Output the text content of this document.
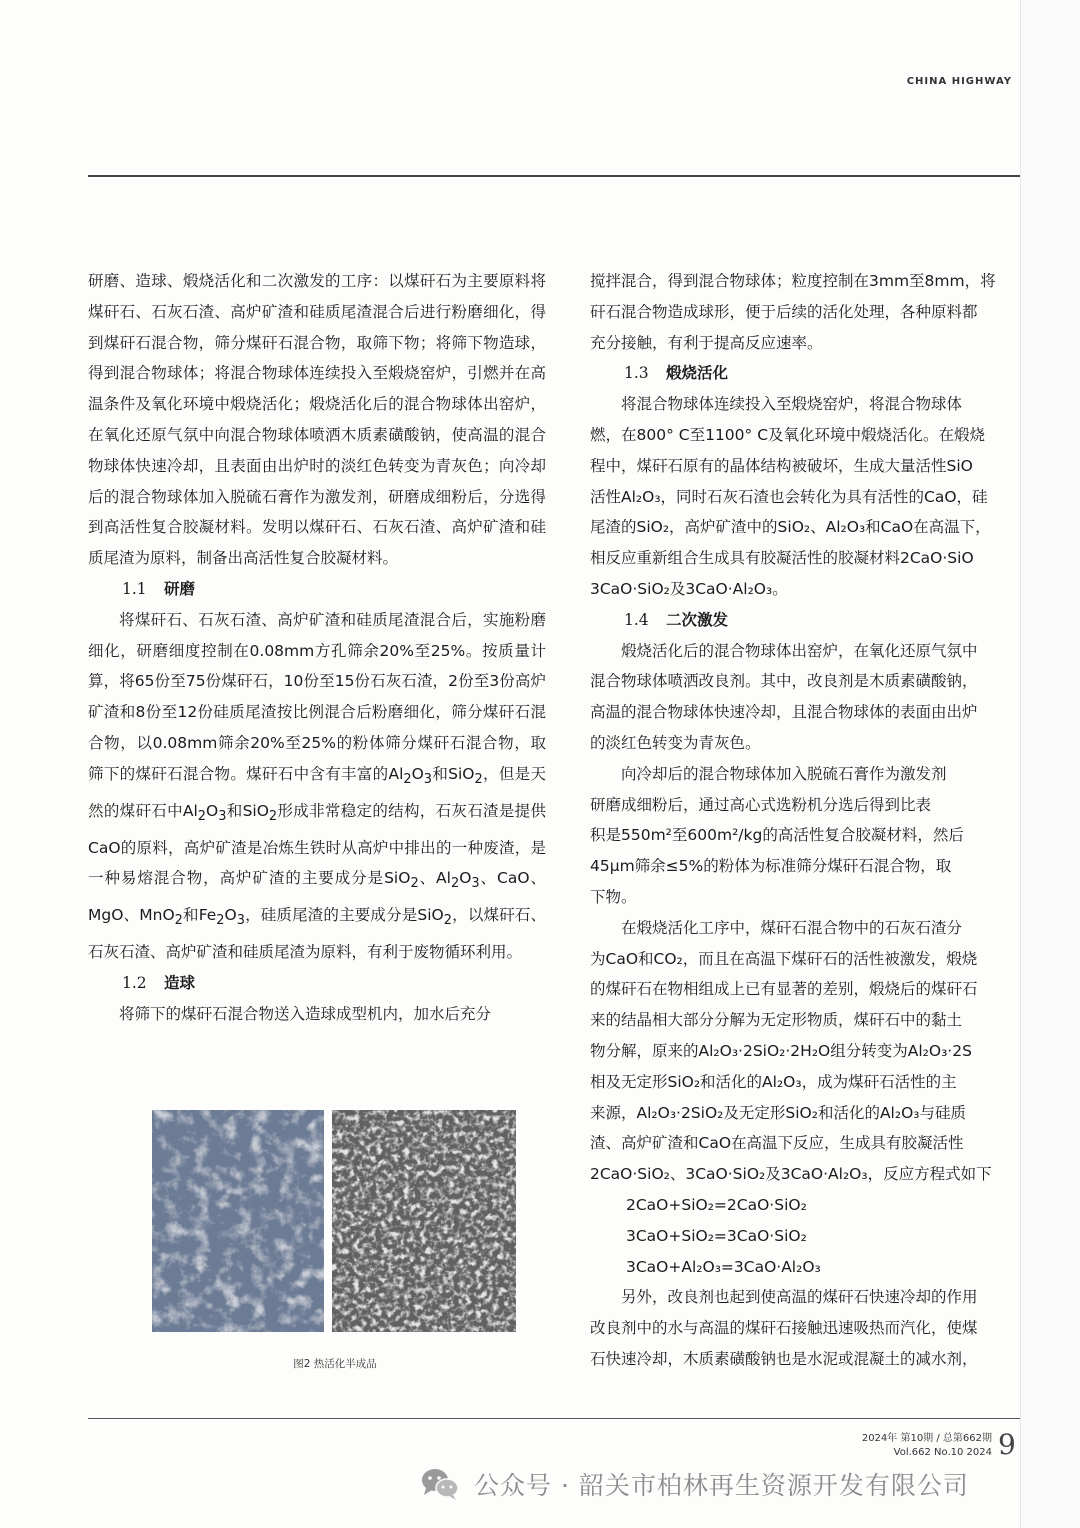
CHINA HIGHWAY

研磨、造球、煅烧活化和二次激发的工序：以煤矸石为主要原料将煤矸石、石灰石渣、高炉矿渣和硅质尾渣混合后进行粉磨细化，得到煤矸石混合物，筛分煤矸石混合物，取筛下物；将筛下物造球，得到混合物球体；将混合物球体连续投入至煅烧窑炉，引燃并在高温条件及氧化环境中煅烧活化；煅烧活化后的混合物球体出窑炉，在氧化还原气氛中向混合物球体喷洒木质素磺酸钠，使高温的混合物球体快速冷却，且表面由出炉时的淡红色转变为青灰色；向冷却后的混合物球体加入脱硫石膏作为激发剂，研磨成细粉后，分选得到高活性复合胶凝材料。发明以煤矸石、石灰石渣、高炉矿渣和硅质尾渣为原料，制备出高活性复合胶凝材料。

1.1 研磨

将煤矸石、石灰石渣、高炉矿渣和硅质尾渣混合后，实施粉磨细化，研磨细度控制在0.08mm方孔筛余20%至25%。按质量计算，将65份至75份煤矸石，10份至15份石灰石渣，2份至3份高炉矿渣和8份至12份硅质尾渣按比例混合后粉磨细化，筛分煤矸石混合物，以0.08mm筛余20%至25%的粉体筛分煤矸石混合物，取筛下的煤矸石混合物。煤矸石中含有丰富的$Al_2O_3$和SiO$_2$，但是天然的煤矸石中$Al_2O_3$和SiO$_2$形成非常稳定的结构，石灰石渣是提供CaO的原料，高炉矿渣是冶炼生铁时从高炉中排出的一种废渣，是一种易熔混合物，高炉矿渣的主要成分是SiO$_2$、$Al_2O_3$、CaO、MgO、MnO$_2$和$Fe_2O_3$，硅质尾渣的主要成分是SiO$_2$，以煤矸石、石灰石渣、高炉矿渣和硅质尾渣为原料，有利于废物循环利用。

1.2 造球

将筛下的煤矸石混合物送入造球成型机内，加水后充分

图2 热活化半成品

搅拌混合，得到混合物球体；粒度控制在3mm至8mm，将

矸石混合物造成球形，便于后续的活化处理，各种原料都

充分接触，有利于提高反应速率。

1.3 煅烧活化

将混合物球体连续投入至煅烧窑炉，将混合物球体

燃，在800° C至1100° C及氧化环境中煅烧活化。在煅烧

程中，煤矸石原有的晶体结构被破坏，生成大量活性SiO

活性Al₂O₃，同时石灰石渣也会转化为具有活性的CaO，硅

尾渣的SiO₂，高炉矿渣中的SiO₂、Al₂O₃和CaO在高温下，

相反应重新组合生成具有胶凝活性的胶凝材料2CaO·SiO

3CaO·SiO₂及3CaO·Al₂O₃。

1.4 二次激发

煅烧活化后的混合物球体出窑炉，在氧化还原气氛中

混合物球体喷洒改良剂。其中，改良剂是木质素磺酸钠，

高温的混合物球体快速冷却，且混合物球体的表面由出炉

的淡红色转变为青灰色。

向冷却后的混合物球体加入脱硫石膏作为激发剂

研磨成细粉后，通过高心式选粉机分选后得到比表

积是550m²至600m²/kg的高活性复合胶凝材料，然后

45μm筛余≤5%的粉体为标准筛分煤矸石混合物，取

下物。

在煅烧活化工序中，煤矸石混合物中的石灰石渣分

为CaO和CO₂，而且在高温下煤矸石的活性被激发，煅烧

的煤矸石在物相组成上已有显著的差别，煅烧后的煤矸石

来的结晶相大部分分解为无定形物质，煤矸石中的黏土

物分解，原来的Al₂O₃·2SiO₂·2H₂O组分转变为Al₂O₃·2S

相及无定形SiO₂和活化的Al₂O₃，成为煤矸石活性的主

来源，Al₂O₃·2SiO₂及无定形SiO₂和活化的Al₂O₃与硅质

渣、高炉矿渣和CaO在高温下反应，生成具有胶凝活性

2CaO·SiO₂、3CaO·SiO₂及3CaO·Al₂O₃，反应方程式如下

2CaO+SiO₂=2CaO·SiO₂

3CaO+SiO₂=3CaO·SiO₂

3CaO+Al₂O₃=3CaO·Al₂O₃

另外，改良剂也起到使高温的煤矸石快速冷却的作用

改良剂中的水与高温的煤矸石接触迅速吸热而汽化，使煤

石快速冷却，木质素磺酸钠也是水泥或混凝土的减水剂，

2024年 第10期 / 总第662期
Vol.662 No.10 2024 9
公众号 · 韶关市柏林再生资源开发有限公司
